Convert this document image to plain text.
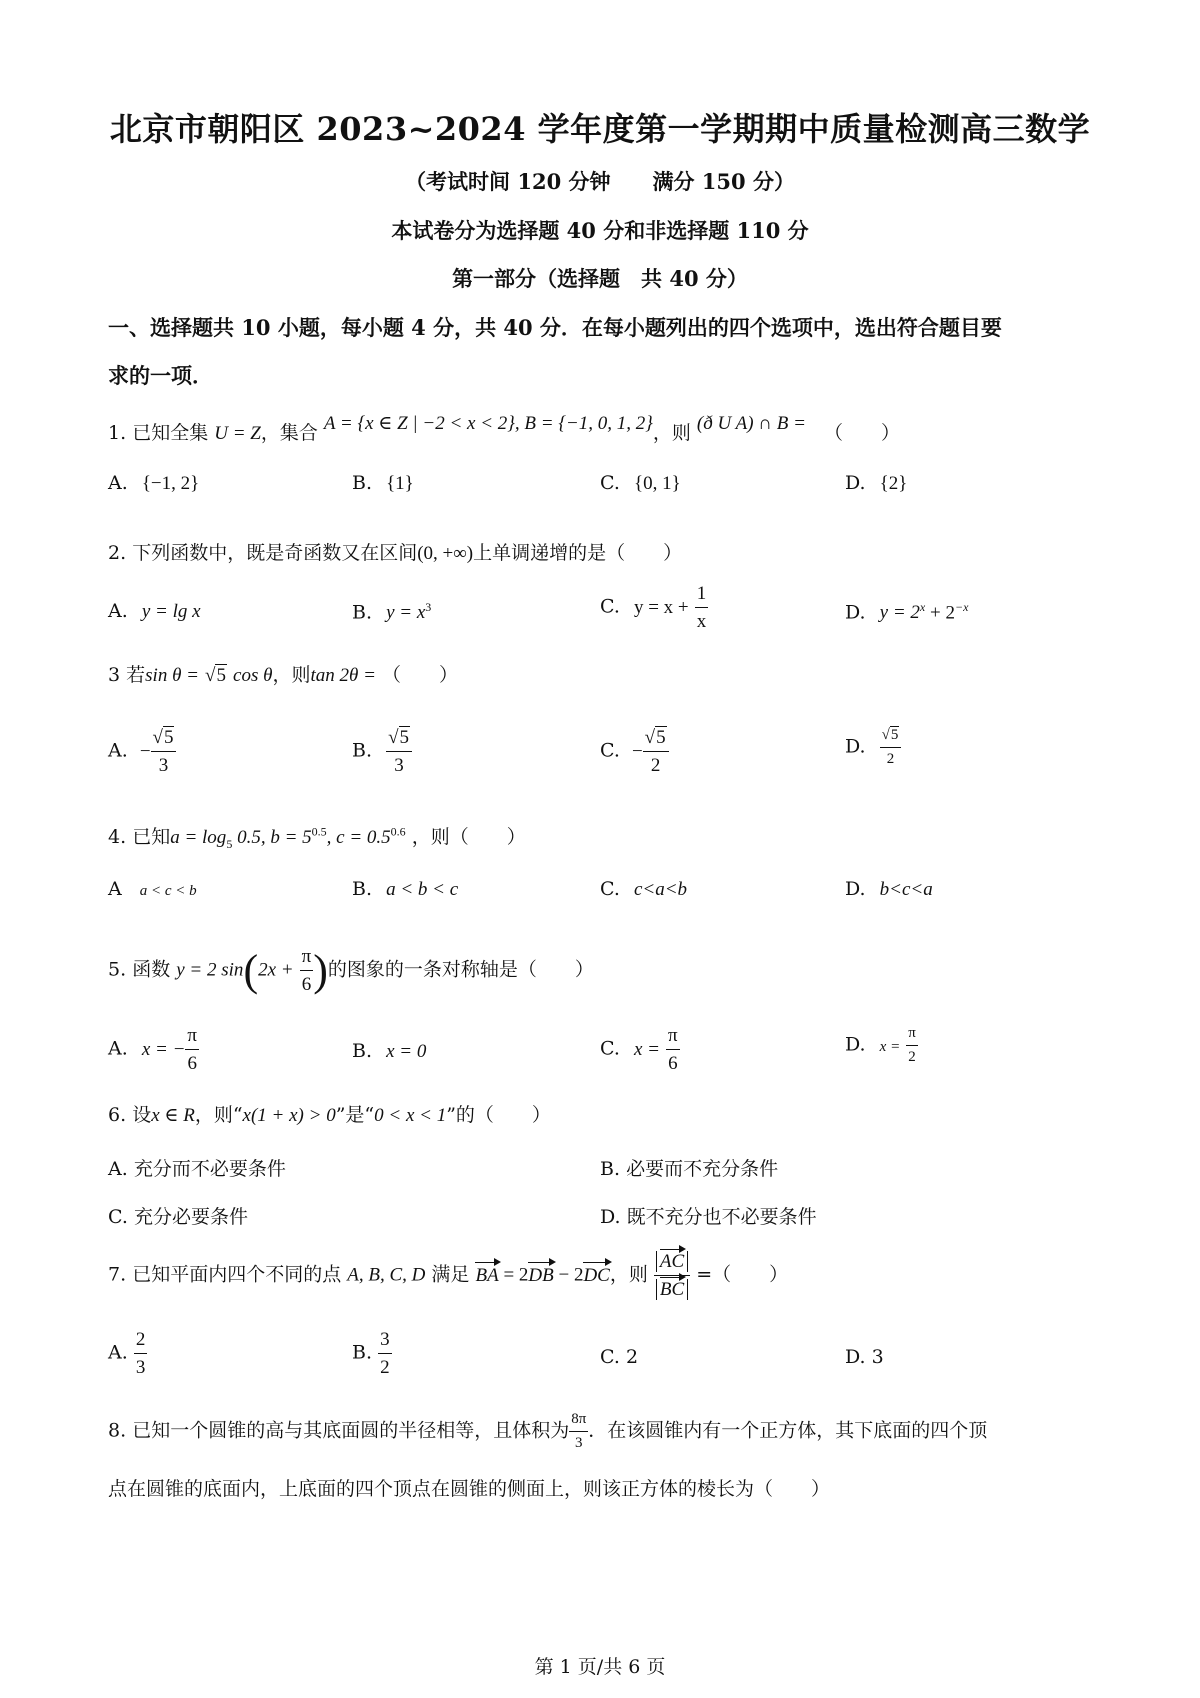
北京市朝阳区 2023~2024 学年度第一学期期中质量检测高三数学
（考试时间 120 分钟　　满分 150 分）
本试卷分为选择题 40 分和非选择题 110 分
第一部分（选择题　共 40 分）
一、选择题共 10 小题，每小题 4 分，共 40 分．在每小题列出的四个选项中，选出符合题目要
求的一项．
1. 已知全集 U = Z，集合 A = {x ∈ Z | −2 < x < 2}, B = {−1, 0, 1, 2}，则 (ð U A) ∩ B = （　　）
A. {−1, 2}	B. {1}	C. {0, 1}	D. {2}
2. 下列函数中，既是奇函数又在区间(0, +∞)上单调递增的是（　　）
A. y = lg x	B. $y = x^3$	C. $y = x + \frac{1}{x}$	D. $y = 2^x + 2^{-x}$
3 若sin θ = √5 cos θ，则tan 2θ = （　　）
A. − $\frac{√5}{3}$	B. $\frac{√5}{3}$	C. − $\frac{√5}{2}$	D. $\frac{√5}{2}$
4. 已知$a = \log_5 0.5$, $b = 5^{0.5}$, $c = 0.5^{0.6}$ ，则（　　）
A a < c < b	B. a < b < c	C. c<a<b	D. b<c<a
5. 函数 y = 2 $\sin(2x + \frac{\pi}{6}$ )的图象的一条对称轴是（　　）
A. x = − $\frac{\pi}{6}$	B. x = 0	C. $x = \frac{\pi}{6}$	D. $x = \frac{\pi}{2}$
6. 设x ∈ R，则“x(1 + x) > 0”是“0 < x < 1”的（　　）
A. 充分而不必要条件	B. 必要而不充分条件
C. 充分必要条件	D. 既不充分也不必要条件
7. 已知平面内四个不同的点 A, B, C, D 满足 BA = 2DB − 2DC，则 $\frac{AC}{BC}$ =（　　）
A. $\frac{2}{3}$	B. $\frac{3}{2}$	C. 2	D. 3
8. 已知一个圆锥的高与其底面圆的半径相等，且体积为 $\frac{8\pi}{3}$ ．在该圆锥内有一个正方体，其下底面的四个顶
点在圆锥的底面内，上底面的四个顶点在圆锥的侧面上，则该正方体的棱长为（　　）
第 1 页/共 6 页
